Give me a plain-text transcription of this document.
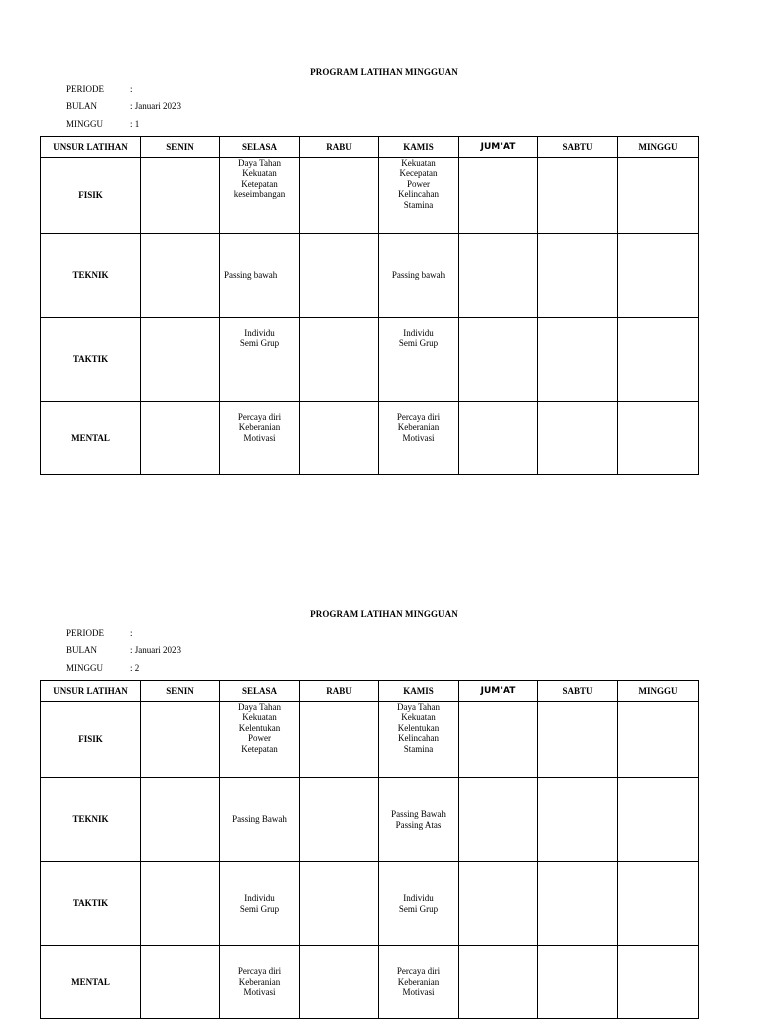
PROGRAM LATIHAN MINGGUAN
PERIODE	:
BULAN	: Januari 2023
MINGGU	: 1
UNSUR LATIHAN	SENIN	SELASA	RABU	KAMIS	JUM'AT	SABTU	MINGGU
FISIK		Daya Tahan
Kekuatan
Ketepatan
keseimbangan		Kekuatan
Kecepatan
Power
Kelincahan
Stamina			

TEKNIK		Passing bawah		Passing bawah			

TAKTIK		Individu
Semi Grup		Individu
Semi Grup			

MENTAL		Percaya diri
Keberanian
Motivasi		Percaya diri
Keberanian
Motivasi			

PROGRAM LATIHAN MINGGUAN
PERIODE	:
BULAN	: Januari 2023
MINGGU	: 2
UNSUR LATIHAN	SENIN	SELASA	RABU	KAMIS	JUM'AT	SABTU	MINGGU
FISIK		Daya Tahan
Kekuatan
Kelentukan
Power
Ketepatan		Daya Tahan
Kekuatan
Kelentukan
Kelincahan
Stamina			

TEKNIK		Passing Bawah		Passing Bawah
Passing Atas			

TAKTIK		Individu
Semi Grup		Individu
Semi Grup			

MENTAL		Percaya diri
Keberanian
Motivasi		Percaya diri
Keberanian
Motivasi			
